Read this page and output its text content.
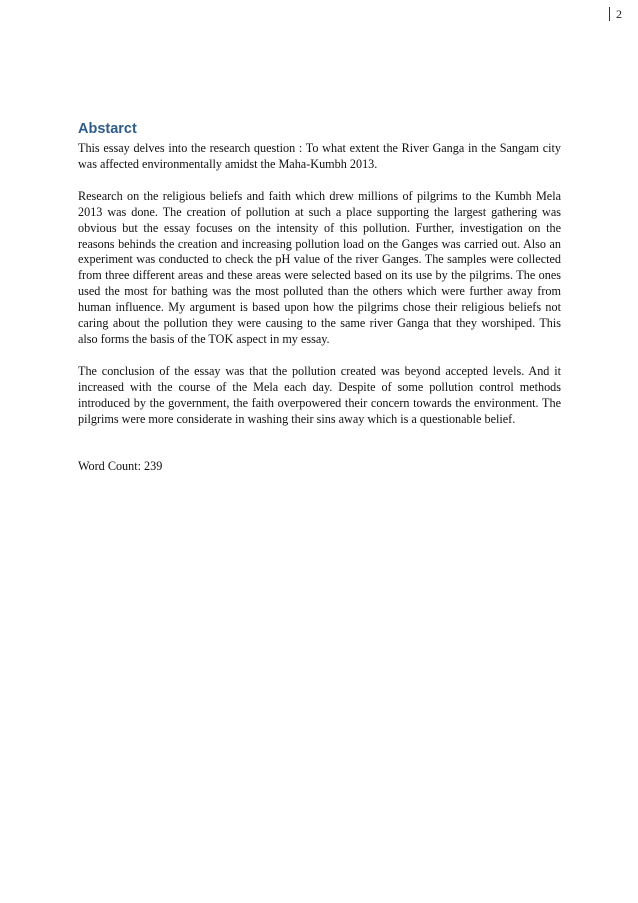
2
Abstarct

This essay delves into the research question : To what extent the River Ganga in the Sangam city was affected environmentally amidst the Maha-Kumbh 2013.

Research on the religious beliefs and faith which drew millions of pilgrims to the Kumbh Mela 2013 was done. The creation of pollution at such a place supporting the largest gathering was obvious but the essay focuses on the intensity of this pollution. Further, investigation on the reasons behinds the creation and increasing pollution load on the Ganges was carried out. Also an experiment was conducted to check the pH value of the river Ganges. The samples were collected from three different areas and these areas were selected based on its use by the pilgrims. The ones used the most for bathing was the most polluted than the others which were further away from human influence. My argument is based upon how the pilgrims chose their religious beliefs not caring about the pollution they were causing to the same river Ganga that they worshiped. This also forms the basis of the TOK aspect in my essay.

The conclusion of the essay was that the pollution created was beyond accepted levels. And it increased with the course of the Mela each day. Despite of some pollution control methods introduced by the government, the faith overpowered their concern towards the environment. The pilgrims were more considerate in washing their sins away which is a questionable belief.

Word Count: 239
